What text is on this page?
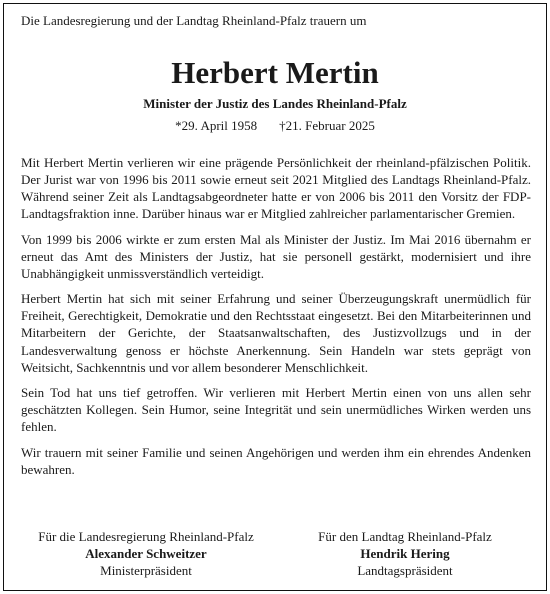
Die Landesregierung und der Landtag Rheinland-Pfalz trauern um
Herbert Mertin
Minister der Justiz des Landes Rheinland-Pfalz
*29. April 1958 †21. Februar 2025

Mit Herbert Mertin verlieren wir eine prägende Persönlichkeit der rheinland-pfälzischen Politik. Der Jurist war von 1996 bis 2011 sowie erneut seit 2021 Mitglied des Landtags Rheinland-Pfalz. Während seiner Zeit als Landtagsabgeordneter hatte er von 2006 bis 2011 den Vorsitz der FDP-Landtagsfraktion inne. Darüber hinaus war er Mitglied zahlreicher parlamentarischer Gremien.

Von 1999 bis 2006 wirkte er zum ersten Mal als Minister der Justiz. Im Mai 2016 übernahm er erneut das Amt des Ministers der Justiz, hat sie personell gestärkt, modernisiert und ihre Unabhängigkeit unmissverständlich verteidigt.

Herbert Mertin hat sich mit seiner Erfahrung und seiner Überzeugungskraft unermüdlich für Freiheit, Gerechtigkeit, Demokratie und den Rechtsstaat eingesetzt. Bei den Mitarbeiterinnen und Mitarbeitern der Gerichte, der Staatsanwaltschaften, des Justizvollzugs und in der Landesverwaltung genoss er höchste Anerkennung. Sein Handeln war stets geprägt von Weitsicht, Sachkenntnis und vor allem besonderer Menschlichkeit.

Sein Tod hat uns tief getroffen. Wir verlieren mit Herbert Mertin einen von uns allen sehr geschätzten Kollegen. Sein Humor, seine Integrität und sein unermüdliches Wirken werden uns fehlen.

Wir trauern mit seiner Familie und seinen Angehörigen und werden ihm ein ehrendes Andenken bewahren.

Für die Landesregierung Rheinland-Pfalz
Alexander Schweitzer
Ministerpräsident
Für den Landtag Rheinland-Pfalz
Hendrik Hering
Landtagspräsident
